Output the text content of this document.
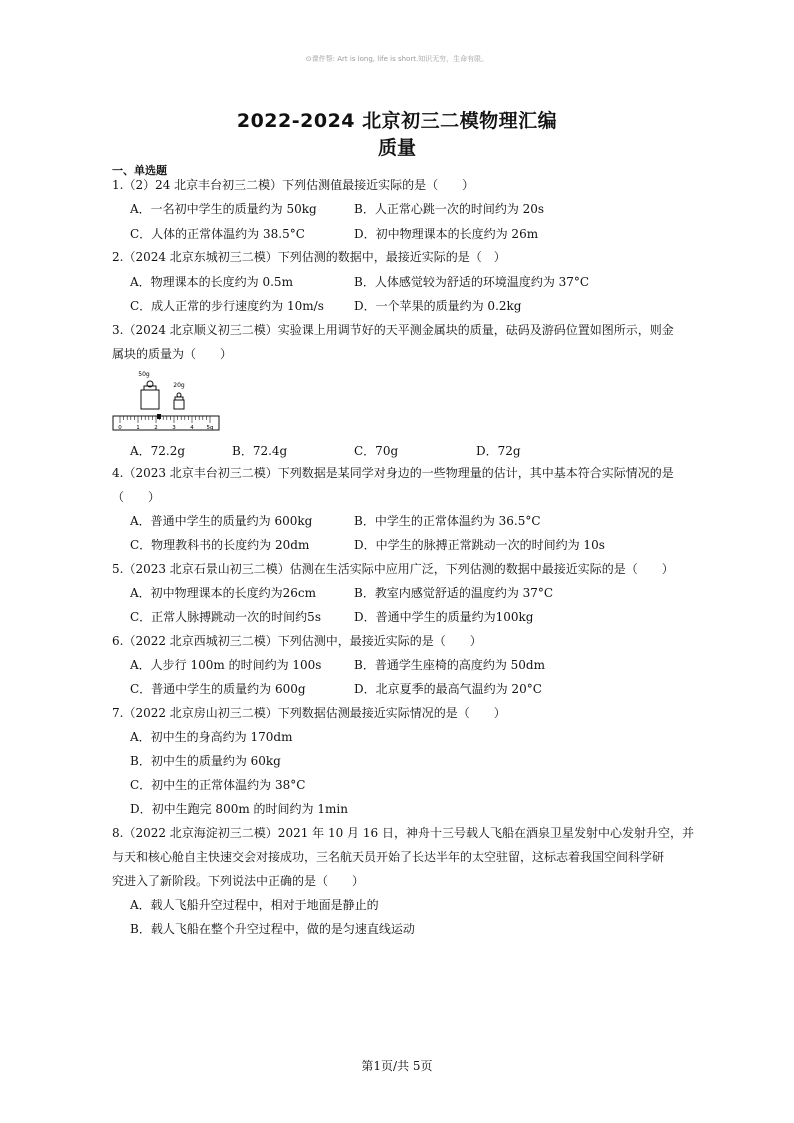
⊙课件帮: Art is long, life is short.知识无穷，生命有限。
2022-2024 北京初三二模物理汇编
质量
一、单选题
1.（2）24 北京丰台初三二模）下列估测值最接近实际的是（　　）
A．一名初中学生的质量约为 50kg	B．人正常心跳一次的时间约为 20s
C．人体的正常体温约为 38.5°C	D．初中物理课本的长度约为 26m
2.（2024 北京东城初三二模）下列估测的数据中，最接近实际的是（　）
A．物理课本的长度约为 0.5m	B．人体感觉较为舒适的环境温度约为 37°C
C．成人正常的步行速度约为 10m/s	D．一个苹果的质量约为 0.2kg
3.（2024 北京顺义初三二模）实验课上用调节好的天平测金属块的质量，砝码及游码位置如图所示，则金
属块的质量为（　　）
50g
20g
0	1	2	3	4 5g
A．72.2g	B．72.4g	C．70g	D．72g
4.（2023 北京丰台初三二模）下列数据是某同学对身边的一些物理量的估计，其中基本符合实际情况的是
（　　）
A．普通中学生的质量约为 600kg	B．中学生的正常体温约为 36.5°C
C．物理教科书的长度约为 20dm	D．中学生的脉搏正常跳动一次的时间约为 10s
5.（2023 北京石景山初三二模）估测在生活实际中应用广泛，下列估测的数据中最接近实际的是（　　）
A．初中物理课本的长度约为26cm	B．教室内感觉舒适的温度约为 37°C
C．正常人脉搏跳动一次的时间约5s	D．普通中学生的质量约为100kg
6.（2022 北京西城初三二模）下列估测中，最接近实际的是（　　）
A．人步行 100m 的时间约为 100s	B．普通学生座椅的高度约为 50dm
C．普通中学生的质量约为 600g	D．北京夏季的最高气温约为 20°C
7.（2022 北京房山初三二模）下列数据估测最接近实际情况的是（　　）
A．初中生的身高约为 170dm
B．初中生的质量约为 60kg
C．初中生的正常体温约为 38°C
D．初中生跑完 800m 的时间约为 1min
8.（2022 北京海淀初三二模）2021 年 10 月 16 日，神舟十三号载人飞船在酒泉卫星发射中心发射升空，并
与天和核心舱自主快速交会对接成功，三名航天员开始了长达半年的太空驻留，这标志着我国空间科学研
究进入了新阶段。下列说法中正确的是（　　）
A．载人飞船升空过程中，相对于地面是静止的
B．载人飞船在整个升空过程中，做的是匀速直线运动
第1页/共 5页
